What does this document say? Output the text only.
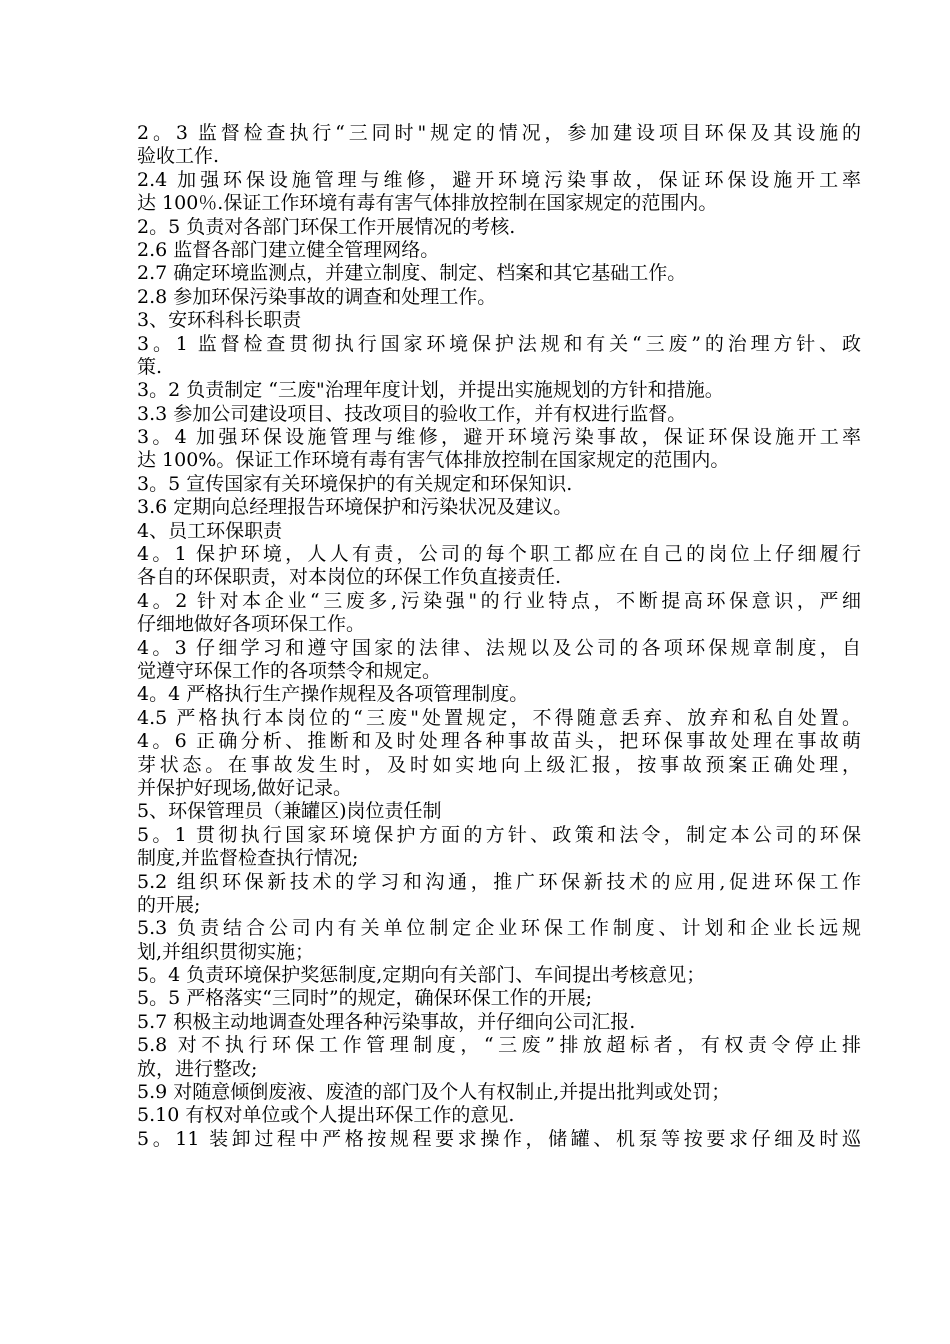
2。3 监督检查执行“三同时"规定的情况，参加建设项目环保及其设施的
验收工作.
2.4 加强环保设施管理与维修，避开环境污染事故，保证环保设施开工率
达 100％.保证工作环境有毒有害气体排放控制在国家规定的范围内。
2。5 负责对各部门环保工作开展情况的考核.
2.6 监督各部门建立健全管理网络。
2.7 确定环境监测点，并建立制度、制定、档案和其它基础工作。
2.8 参加环保污染事故的调查和处理工作。
3、安环科科长职责
3。1 监督检查贯彻执行国家环境保护法规和有关“三废”的治理方针、政
策.
3。2 负责制定 “三废"治理年度计划，并提出实施规划的方针和措施。
3.3 参加公司建设项目、技改项目的验收工作，并有权进行监督。
3。4 加强环保设施管理与维修，避开环境污染事故，保证环保设施开工率
达 100%。保证工作环境有毒有害气体排放控制在国家规定的范围内。
3。5 宣传国家有关环境保护的有关规定和环保知识.
3.6 定期向总经理报告环境保护和污染状况及建议。
4、员工环保职责
4。1 保护环境，人人有责，公司的每个职工都应在自己的岗位上仔细履行
各自的环保职责，对本岗位的环保工作负直接责任.
4。2 针对本企业“三废多,污染强"的行业特点，不断提高环保意识，严细
仔细地做好各项环保工作。
4。3 仔细学习和遵守国家的法律、法规以及公司的各项环保规章制度，自
觉遵守环保工作的各项禁令和规定。
4。4 严格执行生产操作规程及各项管理制度。
4.5 严格执行本岗位的“三废"处置规定，不得随意丢弃、放弃和私自处置。
4。6 正确分析、推断和及时处理各种事故苗头，把环保事故处理在事故萌
芽状态。在事故发生时，及时如实地向上级汇报，按事故预案正确处理，
并保护好现场,做好记录。
5、环保管理员（兼罐区)岗位责任制
5。1 贯彻执行国家环境保护方面的方针、政策和法令，制定本公司的环保
制度,并监督检查执行情况;
5.2 组织环保新技术的学习和沟通，推广环保新技术的应用,促进环保工作
的开展;
5.3 负责结合公司内有关单位制定企业环保工作制度、计划和企业长远规
划,并组织贯彻实施；
5。4 负责环境保护奖惩制度,定期向有关部门、车间提出考核意见；
5。5 严格落实“三同时”的规定，确保环保工作的开展;
5.7 积极主动地调查处理各种污染事故，并仔细向公司汇报.
5.8 对不执行环保工作管理制度，“三废”排放超标者，有权责令停止排
放，进行整改;
5.9 对随意倾倒废液、废渣的部门及个人有权制止,并提出批判或处罚；
5.10 有权对单位或个人提出环保工作的意见.
5。11 装卸过程中严格按规程要求操作，储罐、机泵等按要求仔细及时巡
